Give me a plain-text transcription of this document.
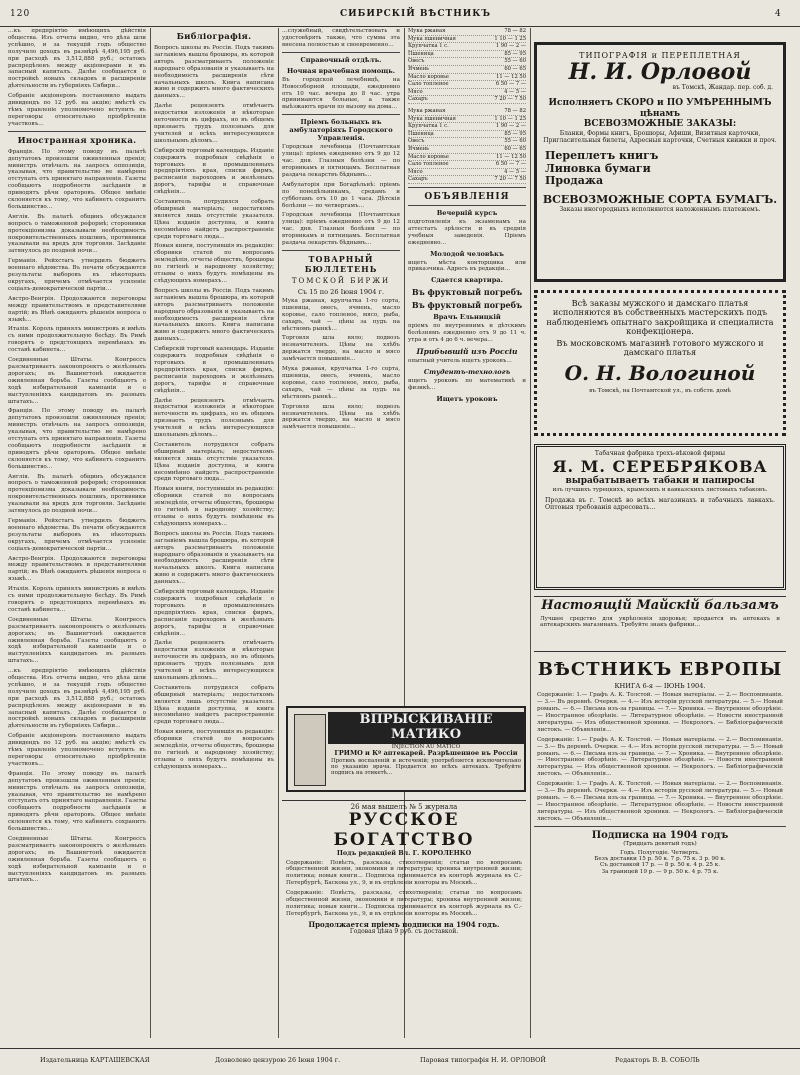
120	СИБИРСКІЙ ВѢСТНИКЪ	4

…къ предпріятію имѣющихъ дѣйствія общества. Изъ отчета видно, что дѣла шли успѣшно, и за текущій годъ общество получило доходъ въ размѣрѣ 4,496,195 руб. при расходѣ въ 3,512,888 руб.; остатокъ распредѣленъ между акціонерами и въ запасный капиталъ. Далѣе сообщается о постройкѣ новыхъ складовъ и расширеніи дѣятельности въ губерніяхъ Сибири…

Собраніе акціонеровъ постановило выдать дивидендъ по 12 руб. на акцію; вмѣстѣ съ тѣмъ правленіе уполномочено вступить въ переговоры относительно пріобрѣтенія участковъ…

Иностранная хроника.

Франція. По этому поводу въ палатѣ депутатовъ произошли оживленныя пренія; министръ отвѣчалъ на запросъ оппозиціи, указывая, что правительство не намѣрено отступать отъ принятаго направленія. Газеты сообщаютъ подробности засѣданія и приводятъ рѣчи ораторовъ. Общее мнѣніе склоняется къ тому, что кабинетъ сохранитъ большинство…

Англія. Въ палатѣ общинъ обсуждался вопросъ о таможенной реформѣ; сторонники протекціонизма доказывали необходимость покровительственныхъ пошлинъ, противники указывали на вредъ для торговли. Засѣданіе затянулось до поздней ночи…

Германія. Рейхстагъ утвердилъ бюджетъ военнаго вѣдомства. Въ печати обсуждаются результаты выборовъ въ нѣкоторыхъ округахъ, причемъ отмѣчается усиленіе соціалъ-демократической партіи…

Австро-Венгрія. Продолжаются переговоры между правительствомъ и представителями партій; въ Вѣнѣ ожидаютъ рѣшенія вопроса о языкѣ…

Италія. Король принялъ министровъ и имѣлъ съ ними продолжительную бесѣду. Въ Римѣ говорятъ о предстоящихъ перемѣнахъ въ составѣ кабинета…

Соединенные Штаты. Конгрессъ разсматриваетъ законопроектъ о желѣзныхъ дорогахъ; въ Вашингтонѣ ожидается оживленная борьба. Газеты сообщаютъ о ходѣ избирательной кампаніи и о выступленіяхъ кандидатовъ въ разныхъ штатахъ…

Франція. По этому поводу въ палатѣ депутатовъ произошли оживленныя пренія; министръ отвѣчалъ на запросъ оппозиціи, указывая, что правительство не намѣрено отступать отъ принятаго направленія. Газеты сообщаютъ подробности засѣданія и приводятъ рѣчи ораторовъ. Общее мнѣніе склоняется къ тому, что кабинетъ сохранитъ большинство…

Англія. Въ палатѣ общинъ обсуждался вопросъ о таможенной реформѣ; сторонники протекціонизма доказывали необходимость покровительственныхъ пошлинъ, противники указывали на вредъ для торговли. Засѣданіе затянулось до поздней ночи…

Германія. Рейхстагъ утвердилъ бюджетъ военнаго вѣдомства. Въ печати обсуждаются результаты выборовъ въ нѣкоторыхъ округахъ, причемъ отмѣчается усиленіе соціалъ-демократической партіи…

Австро-Венгрія. Продолжаются переговоры между правительствомъ и представителями партій; въ Вѣнѣ ожидаютъ рѣшенія вопроса о языкѣ…

Италія. Король принялъ министровъ и имѣлъ съ ними продолжительную бесѣду. Въ Римѣ говорятъ о предстоящихъ перемѣнахъ въ составѣ кабинета…

Соединенные Штаты. Конгрессъ разсматриваетъ законопроектъ о желѣзныхъ дорогахъ; въ Вашингтонѣ ожидается оживленная борьба. Газеты сообщаютъ о ходѣ избирательной кампаніи и о выступленіяхъ кандидатовъ въ разныхъ штатахъ…

…къ предпріятію имѣющихъ дѣйствія общества. Изъ отчета видно, что дѣла шли успѣшно, и за текущій годъ общество получило доходъ въ размѣрѣ 4,496,195 руб. при расходѣ въ 3,512,888 руб.; остатокъ распредѣленъ между акціонерами и въ запасный капиталъ. Далѣе сообщается о постройкѣ новыхъ складовъ и расширеніи дѣятельности въ губерніяхъ Сибири…

Собраніе акціонеровъ постановило выдать дивидендъ по 12 руб. на акцію; вмѣстѣ съ тѣмъ правленіе уполномочено вступить въ переговоры относительно пріобрѣтенія участковъ…

Франція. По этому поводу въ палатѣ депутатовъ произошли оживленныя пренія; министръ отвѣчалъ на запросъ оппозиціи, указывая, что правительство не намѣрено отступать отъ принятаго направленія. Газеты сообщаютъ подробности засѣданія и приводятъ рѣчи ораторовъ. Общее мнѣніе склоняется къ тому, что кабинетъ сохранитъ большинство…

Соединенные Штаты. Конгрессъ разсматриваетъ законопроектъ о желѣзныхъ дорогахъ; въ Вашингтонѣ ожидается оживленная борьба. Газеты сообщаютъ о ходѣ избирательной кампаніи и о выступленіяхъ кандидатовъ въ разныхъ штатахъ…

Библіографія.

Вопросъ школы въ Россіи. Подъ такимъ заглавіемъ вышла брошюра, въ которой авторъ разсматриваетъ положеніе народнаго образованія и указываетъ на необходимость расширенія сѣти начальныхъ школъ. Книга написана живо и содержитъ много фактическихъ данныхъ…

Далѣе рецензентъ отмѣчаетъ недостатки изложенія и нѣкоторые неточности въ цифрахъ, но въ общемъ признаетъ трудъ полезнымъ для учителей и всѣхъ интересующихся школьнымъ дѣломъ…

Сибирскій торговый календарь. Изданіе содержитъ подробныя свѣдѣнія о торговыхъ и промышленныхъ предпріятіяхъ края, списки фирмъ, расписанія пароходовъ и желѣзныхъ дорогъ, тарифы и справочные свѣдѣнія…

Составитель потрудился собрать обширный матеріалъ; недостаткомъ является лишь отсутствіе указателя. Цѣна изданія доступна, и книга несомнѣнно найдетъ распространеніе среди торговаго люда…

Новыя книги, поступившія въ редакцію: сборники статей по вопросамъ земледѣлія, отчеты обществъ, брошюры по гигіенѣ и народному хозяйству; отзывы о нихъ будутъ помѣщены въ слѣдующихъ номерахъ…

Вопросъ школы въ Россіи. Подъ такимъ заглавіемъ вышла брошюра, въ которой авторъ разсматриваетъ положеніе народнаго образованія и указываетъ на необходимость расширенія сѣти начальныхъ школъ. Книга написана живо и содержитъ много фактическихъ данныхъ…

Сибирскій торговый календарь. Изданіе содержитъ подробныя свѣдѣнія о торговыхъ и промышленныхъ предпріятіяхъ края, списки фирмъ, расписанія пароходовъ и желѣзныхъ дорогъ, тарифы и справочные свѣдѣнія…

Далѣе рецензентъ отмѣчаетъ недостатки изложенія и нѣкоторые неточности въ цифрахъ, но въ общемъ признаетъ трудъ полезнымъ для учителей и всѣхъ интересующихся школьнымъ дѣломъ…

Составитель потрудился собрать обширный матеріалъ; недостаткомъ является лишь отсутствіе указателя. Цѣна изданія доступна, и книга несомнѣнно найдетъ распространеніе среди торговаго люда…

Новыя книги, поступившія въ редакцію: сборники статей по вопросамъ земледѣлія, отчеты обществъ, брошюры по гигіенѣ и народному хозяйству; отзывы о нихъ будутъ помѣщены въ слѣдующихъ номерахъ…

Вопросъ школы въ Россіи. Подъ такимъ заглавіемъ вышла брошюра, въ которой авторъ разсматриваетъ положеніе народнаго образованія и указываетъ на необходимость расширенія сѣти начальныхъ школъ. Книга написана живо и содержитъ много фактическихъ данныхъ…

Сибирскій торговый календарь. Изданіе содержитъ подробныя свѣдѣнія о торговыхъ и промышленныхъ предпріятіяхъ края, списки фирмъ, расписанія пароходовъ и желѣзныхъ дорогъ, тарифы и справочные свѣдѣнія…

Далѣе рецензентъ отмѣчаетъ недостатки изложенія и нѣкоторые неточности въ цифрахъ, но въ общемъ признаетъ трудъ полезнымъ для учителей и всѣхъ интересующихся школьнымъ дѣломъ…

Составитель потрудился собрать обширный матеріалъ; недостаткомъ является лишь отсутствіе указателя. Цѣна изданія доступна, и книга несомнѣнно найдетъ распространеніе среди торговаго люда…

Новыя книги, поступившія въ редакцію: сборники статей по вопросамъ земледѣлія, отчеты обществъ, брошюры по гигіенѣ и народному хозяйству; отзывы о нихъ будутъ помѣщены въ слѣдующихъ номерахъ…

…служебный, свидѣтельствовать и удостовѣрять также, что сумма эта внесена полностью и своевременно…

Справочный отдѣлъ.
Ночная врачебная помощь.

Въ городской лечебницѣ, на Новособорной площади, ежедневно отъ 10 час. вечера до 8 час. утра принимаются больные, а также выѣзжаютъ врачи по вызову на дома…

Пріемъ больныхъ въ амбулаторіяхъ Городского Управленія.

Городская лечебница (Почтамтская улица): пріемъ ежедневно отъ 9 до 12 час. дня. Глазныя болѣзни — по вторникамъ и пятницамъ. Бесплатная раздача лекарствъ бѣднымъ…

Амбулаторія при Богадѣльнѣ: пріемъ по понедѣльникамъ, средамъ и субботамъ отъ 10 до 1 часа. Дѣтскія болѣзни — по четвергамъ…

Городская лечебница (Почтамтская улица): пріемъ ежедневно отъ 9 до 12 час. дня. Глазныя болѣзни — по вторникамъ и пятницамъ. Бесплатная раздача лекарствъ бѣднымъ…

ТОВАРНЫЙ БЮЛЛЕТЕНЬ
ТОМСКОЙ БИРЖИ
Съ 15 по 26 Іюня 1904 г.

Мука ржаная, крупчатка 1-го сорта, пшеница, овесъ, ячмень, масло коровье, сало топленое, мясо, рыба, сахаръ, чай — цѣны за пудъ на мѣстномъ рынкѣ…

Торговля шла вяло; подвозъ незначителенъ. Цѣны на хлѣбъ держатся твердо, на масло и мясо замѣчается повышеніе…

Мука ржаная, крупчатка 1-го сорта, пшеница, овесъ, ячмень, масло коровье, сало топленое, мясо, рыба, сахаръ, чай — цѣны за пудъ на мѣстномъ рынкѣ…

Торговля шла вяло; подвозъ незначителенъ. Цѣны на хлѣбъ держатся твердо, на масло и мясо замѣчается повышеніе…

Мука ржаная	78 — 82
Мука пшеничная	1 10 — 1 25
Крупчатка 1 с.	1 90 — 2 —
Пшеница	85 — 95
Овесъ	55 — 60
Ячмень	60 — 65
Масло коровье	11 — 12 50
Сало топленое	6 50 — 7 —
Мясо	4 — 5 —
Сахаръ	7 20 — 7 50
Мука ржаная	78 — 82
Мука пшеничная	1 10 — 1 25
Крупчатка 1 с.	1 90 — 2 —
Пшеница	85 — 95
Овесъ	55 — 60
Ячмень	60 — 65
Масло коровье	11 — 12 50
Сало топленое	6 50 — 7 —
Мясо	4 — 5 —
Сахаръ	7 20 — 7 50
ОБЪЯВЛЕНІЯ
Вечерній курсъ

подготовленія къ экзаменамъ на аттестатъ зрѣлости и въ среднія учебныя заведенія. Пріемъ ежедневно…

Молодой человѣкъ

ищетъ мѣста конторщика или приказчика. Адресъ въ редакціи…

Сдается квартира.
Въ фруктовый погребъ
Въ фруктовый погребъ
Врачъ Ельницкій

пріемъ по внутреннимъ и дѣтскимъ болѣзнямъ ежедневно отъ 9 до 11 ч. утра и отъ 4 до 6 ч. вечера…

Прибывшій изъ Россіи

опытный учитель ищетъ уроковъ…

Студентъ-технологъ

ищетъ уроковъ по математикѣ и физикѣ…

Ищетъ уроковъ
ВПРЫСКИВАНІЕ МАТИКО
INJECTION AU MATICO
ГРИМО и Кº аптекарей. Разрѣшенное въ Россіи
Противъ воспаленій и истеченій; употребляется исключительно по указанію врача. Продается во всѣхъ аптекахъ. Требуйте подпись на этикетѣ…
26 мая вышелъ № 5 журнала
РУССКОЕ БОГАТСТВО
Подъ редакціей Вл. Г. КОРОЛЕНКО

Содержаніе: Повѣсть, разсказы, стихотворенія; статьи по вопросамъ общественной жизни, экономики и литературы; хроника внутренней жизни; политика; новыя книги… Подписка принимается въ конторѣ журнала въ С.-Петербургѣ, Баскова ул., 9, и въ отдѣленіи конторы въ Москвѣ…

Содержаніе: Повѣсть, разсказы, стихотворенія; статьи по вопросамъ общественной жизни, экономики и литературы; хроника внутренней жизни; политика; новыя книги… Подписка принимается въ конторѣ журнала въ С.-Петербургѣ, Баскова ул., 9, и въ отдѣленіи конторы въ Москвѣ…

Продолжается пріемъ подписки на 1904 годъ.
Годовая цѣна 9 руб. съ доставкой.
ТИПОГРАФІЯ и ПЕРЕПЛЕТНАЯ
Н. И. Орловой
въ Томскѣ, Жандар. пер. соб. д.
Исполняетъ СКОРО и ПО УМѢРЕННЫМЪ цѣнамъ
ВСЕВОЗМОЖНЫЕ ЗАКАЗЫ:
Бланки, Формы книгъ, Брошюры, Афиши, Визитныя карточки, Пригласительныя билеты, Адресныя карточки, Счетныя книжки и проч.
Переплетъ книгъ
Линовка бумаги
Продажа
ВСЕВОЗМОЖНЫЕ СОРТА БУМАГЪ.
Заказы иногородныхъ исполняются наложеннымъ платежемъ.
Всѣ заказы мужского и дамскаго платья исполняются въ собственныхъ мастерскихъ подъ наблюденіемъ опытнаго закройщика и специалиста конфекціонера.
Въ московскомъ магазинѣ готового мужского и дамскаго платья
О. Н. Вологиной
въ Томскѣ, на Почтамтской ул., въ собств. домѣ
Табачная фабрика трехъ-вѣковой фирмы
Я. М. СЕРЕБРЯКОВА
вырабатываетъ табаки и папиросы
изъ лучшихъ турецкихъ, крымскихъ и кавказскихъ листовыхъ табаковъ.
Продажа въ г. Томскѣ во всѣхъ магазинахъ и табачныхъ лавкахъ. Оптовыя требованія адресовать…
Настоящій Майскій бальзамъ
Лучшее средство для укрѣпленія здоровья; продается въ аптекахъ и аптекарскихъ магазинахъ. Требуйте знакъ фабрики…
ВѢСТНИКЪ ЕВРОПЫ
КНИГА 6-я — ІЮНЬ 1904.

Содержаніе: 1.— Графъ А. К. Толстой. — Новыя матеріалы. — 2.— Воспоминанія. — 3.— Въ деревнѣ. Очерки. — 4.— Изъ исторіи русской литературы. — 5.— Новый романъ. — 6.— Письма изъ-за границы. — 7.— Хроника. — Внутреннее обозрѣніе. — Иностранное обозрѣніе. — Литературное обозрѣніе. — Новости иностранной литературы. — Изъ общественной хроники. — Некрологъ. — Библіографическій листокъ. — Объявленія…

Содержаніе: 1.— Графъ А. К. Толстой. — Новыя матеріалы. — 2.— Воспоминанія. — 3.— Въ деревнѣ. Очерки. — 4.— Изъ исторіи русской литературы. — 5.— Новый романъ. — 6.— Письма изъ-за границы. — 7.— Хроника. — Внутреннее обозрѣніе. — Иностранное обозрѣніе. — Литературное обозрѣніе. — Новости иностранной литературы. — Изъ общественной хроники. — Некрологъ. — Библіографическій листокъ. — Объявленія…

Содержаніе: 1.— Графъ А. К. Толстой. — Новыя матеріалы. — 2.— Воспоминанія. — 3.— Въ деревнѣ. Очерки. — 4.— Изъ исторіи русской литературы. — 5.— Новый романъ. — 6.— Письма изъ-за границы. — 7.— Хроника. — Внутреннее обозрѣніе. — Иностранное обозрѣніе. — Литературное обозрѣніе. — Новости иностранной литературы. — Изъ общественной хроники. — Некрологъ. — Библіографическій листокъ. — Объявленія…

Подписка на 1904 годъ
(Тридцать девятый годъ)
Годъ. Полугодіе. Четверть.
Безъ доставки 15 р. 50 к. 7 р. 75 к. 3 р. 90 к.
Съ доставкой 17 р. — 8 р. 50 к. 4 р. 25 к.
За границей 19 р. — 9 р. 50 к. 4 р. 75 к.
Издательница КАРТАШЕВСКАЯ	Дозволено цензурою 26 Іюня 1904 г.	Паровая типографія Н. И. ОРЛОВОЙ	Редакторъ В. В. СОБОЛЬ
